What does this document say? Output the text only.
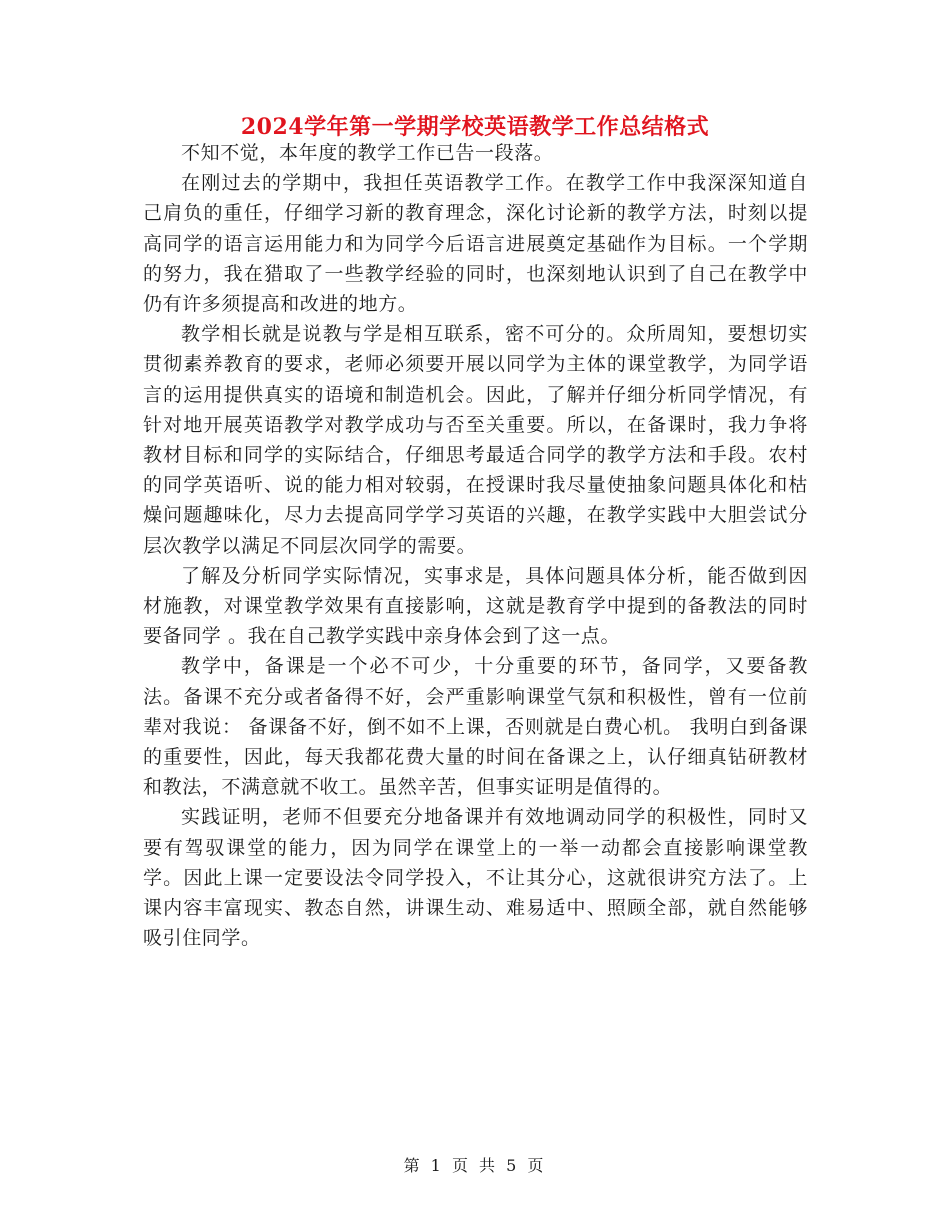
2024学年第一学期学校英语教学工作总结格式

不知不觉，本年度的教学工作已告一段落。

在刚过去的学期中，我担任英语教学工作。在教学工作中我深深知道自己肩负的重任，仔细学习新的教育理念，深化讨论新的教学方法，时刻以提高同学的语言运用能力和为同学今后语言进展奠定基础作为目标。一个学期的努力，我在猎取了一些教学经验的同时，也深刻地认识到了自己在教学中仍有许多须提高和改进的地方。

教学相长就是说教与学是相互联系，密不可分的。众所周知，要想切实贯彻素养教育的要求，老师必须要开展以同学为主体的课堂教学，为同学语言的运用提供真实的语境和制造机会。因此，了解并仔细分析同学情况，有针对地开展英语教学对教学成功与否至关重要。所以，在备课时，我力争将教材目标和同学的实际结合，仔细思考最适合同学的教学方法和手段。农村的同学英语听、说的能力相对较弱，在授课时我尽量使抽象问题具体化和枯燥问题趣味化，尽力去提高同学学习英语的兴趣，在教学实践中大胆尝试分层次教学以满足不同层次同学的需要。

了解及分析同学实际情况，实事求是，具体问题具体分析，能否做到因材施教，对课堂教学效果有直接影响，这就是教育学中提到的备教法的同时要备同学 。我在自己教学实践中亲身体会到了这一点。

教学中，备课是一个必不可少，十分重要的环节，备同学，又要备教法。备课不充分或者备得不好，会严重影响课堂气氛和积极性，曾有一位前辈对我说： 备课备不好，倒不如不上课，否则就是白费心机。 我明白到备课的重要性，因此，每天我都花费大量的时间在备课之上，认仔细真钻研教材和教法，不满意就不收工。虽然辛苦，但事实证明是值得的。

实践证明，老师不但要充分地备课并有效地调动同学的积极性，同时又要有驾驭课堂的能力，因为同学在课堂上的一举一动都会直接影响课堂教学。因此上课一定要设法令同学投入，不让其分心，这就很讲究方法了。上课内容丰富现实、教态自然，讲课生动、难易适中、照顾全部，就自然能够吸引住同学。

第 1 页 共 5 页
